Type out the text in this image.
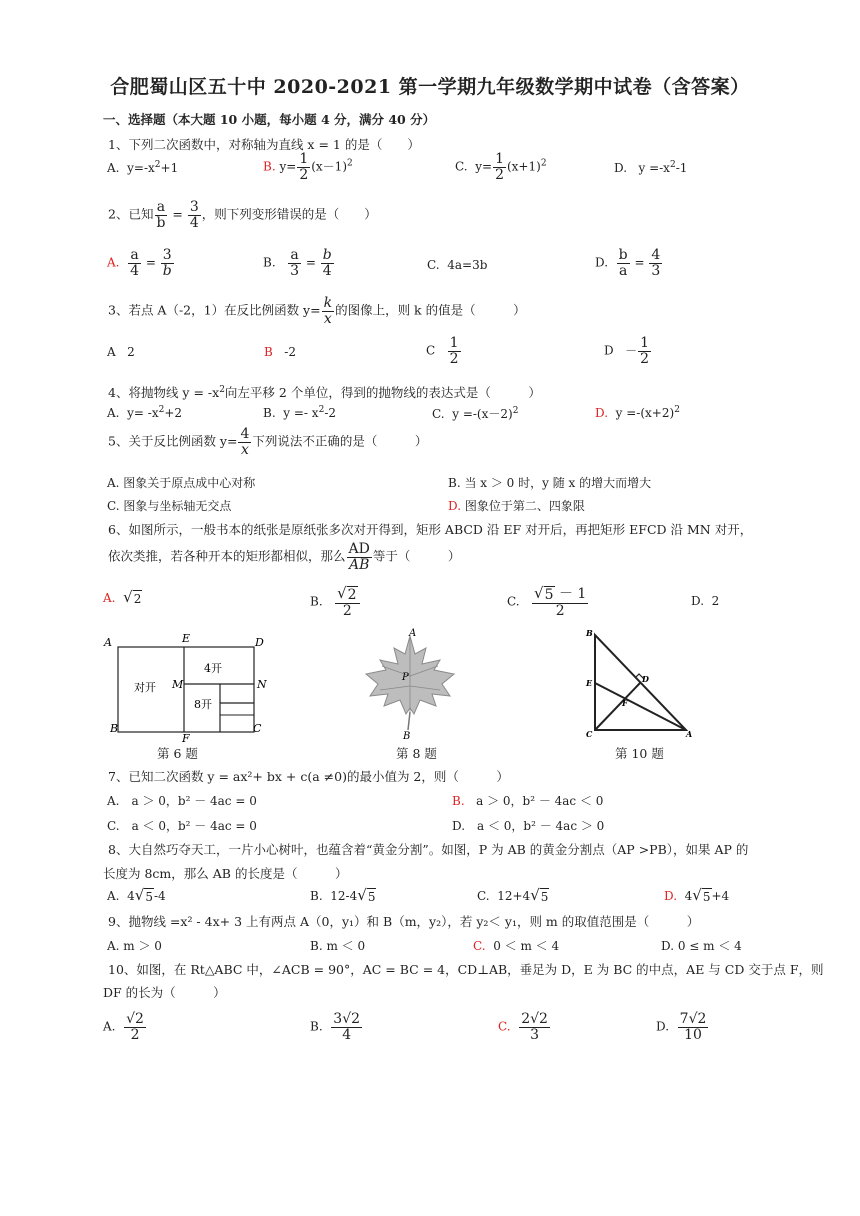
合肥蜀山区五十中 2020-2021 第一学期九年级数学期中试卷（含答案）
一、选择题（本大题 10 小题，每小题 4 分，满分 40 分）
1、下列二次函数中，对称轴为直线 x = 1 的是（　　）
A. $y=-x^2+1$	B. $y= \frac{1}{2} (x-1)^2$	C. $y= \frac{1}{2} (x+1)^2$	D. $y =-x^2-1$
2、已知 $\frac{a}{b} = \frac{3}{4}$ ，则下列变形错误的是（　　）
A. $\frac{a}{4} = \frac{3}{b}$	B. $\frac{a}{3} = \frac{b}{4}$	C. 4a=3b	D. $\frac{b}{a} = \frac{4}{3}$
3、若点 A（-2，1）在反比例函数 $y= \frac{k}{x}$ 的图像上，则 k 的值是（　　　）
A 2	B -2	C $\frac{1}{2}$	$D - \frac{1}{2}$
4、将抛物线 $y = -x^2$向左平移 2 个单位，得到的抛物线的表达式是（　　　）
A. $y= -x^2+2$	B. $y =- x^2-2$	C. $y =-(x-2)^2$	D. $y =-(x+2)^2$
5、关于反比例函数 $y= \frac{4}{x}$ 下列说法不正确的是（　　　）
A. 图象关于原点成中心对称	B. 当 x ＞ 0 时，y 随 x 的增大而增大
C. 图象与坐标轴无交点	D. 图象位于第二、四象限
6、如图所示，一般书本的纸张是原纸张多次对开得到，矩形 ABCD 沿 EF 对开后，再把矩形 EFCD 沿 MN 对开，
依次类推，若各种开本的矩形都相似，那么 $\frac{AD}{AB}$ 等于（　　　）
A. √ 2	B. $\frac{√ 2}{2}$	C. $\frac{√ 5 - 1}{2}$	D. 2
A	E	D
M	N
B
F
C
对开
4开
8开
第 6 题
A
P
B
第 8 题
B
E	D
F
C	A
第 10 题
7、已知二次函数 y = ax²+ bx + c(a ≠0)的最小值为 2，则（　　　）
A.　a ＞ 0，b² － 4ac = 0	B. a ＞ 0，b² － 4ac ＜ 0
C.　a ＜ 0，b² － 4ac = 0	D.　a ＜ 0，b² － 4ac ＞ 0
8、大自然巧夺天工，一片小心树叶，也蕴含着“黄金分割”。如图，P 为 AB 的黄金分割点（AP >PB），如果 AP 的
长度为 8cm，那么 AB 的长度是（　　　）
A. 4 √ 5 -4	B. 12-4 √ 5	C. 12+4 √ 5	D. 4 √ 5 +4
9、抛物线 =x² - 4x+ 3 上有两点 A（0，y₁）和 B（m，y₂），若 y₂＜ y₁，则 m 的取值范围是（　　　）
A. m ＞ 0	B. m ＜ 0	C. 0 ＜ m ＜ 4	D. 0 ≤ m ＜ 4
10、如图，在 Rt△ABC 中，∠ACB = 90°，AC = BC = 4，CD⊥AB，垂足为 D，E 为 BC 的中点，AE 与 CD 交于点 F，则
DF 的长为（　　　）
A. $\frac{√2}{2}$	B. $\frac{3√2}{4}$	C. $\frac{2√2}{3}$	D. $\frac{7√2}{10}$
